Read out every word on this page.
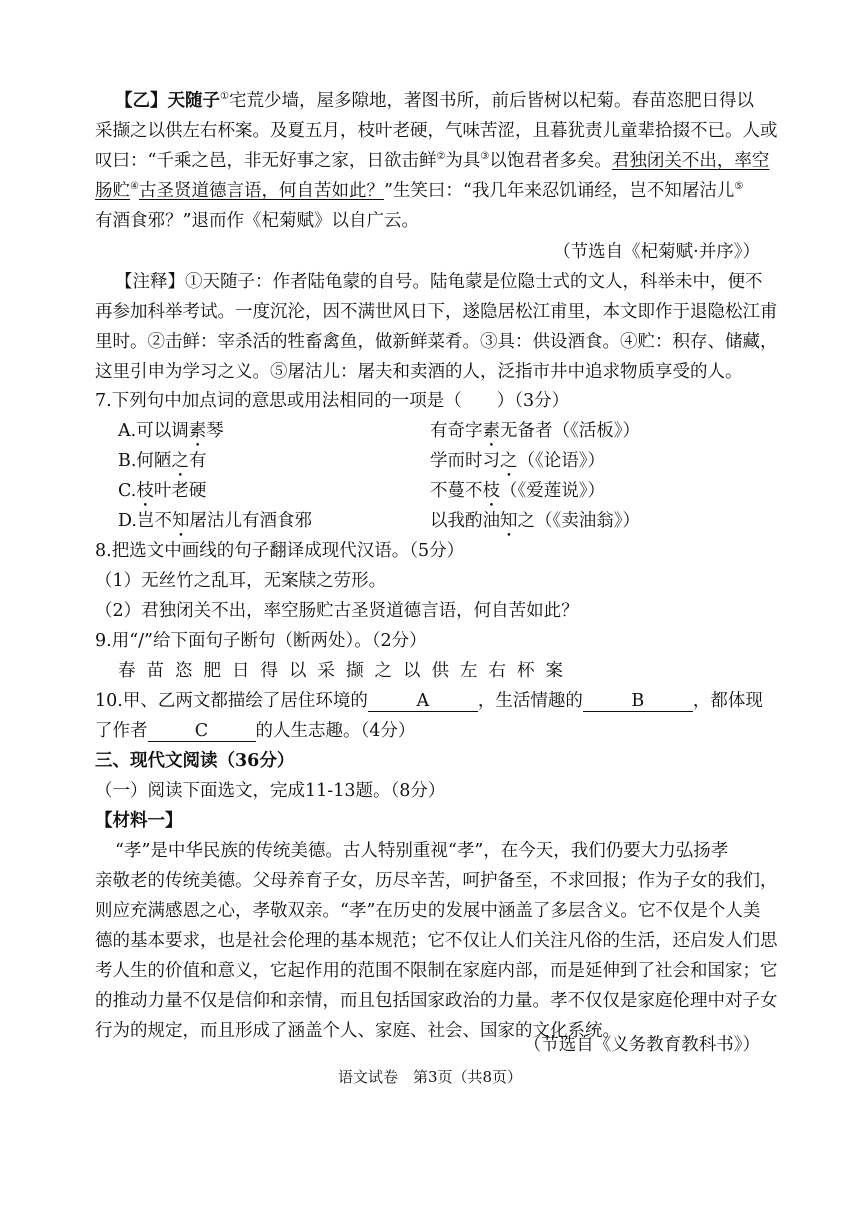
【乙】天随子①宅荒少墙，屋多隙地，著图书所，前后皆树以杞菊。春苗恣肥日得以
采撷之以供左右杯案。及夏五月，枝叶老硬，气味苦涩，且暮犹责儿童辈拾掇不已。人或
叹曰：“千乘之邑，非无好事之家，日欲击鲜②为具③以饱君者多矣。君独闭关不出，率空
肠贮④古圣贤道德言语，何自苦如此？”生笑曰：“我几年来忍饥诵经，岂不知屠沽儿⑤
有酒食邪？”退而作《杞菊赋》以自广云。
（节选自《杞菊赋·并序》）
【注释】①天随子：作者陆龟蒙的自号。陆龟蒙是位隐士式的文人，科举未中，便不
再参加科举考试。一度沉沦，因不满世风日下，遂隐居松江甫里，本文即作于退隐松江甫
里时。②击鲜：宰杀活的牲畜禽鱼，做新鲜菜肴。③具：供设酒食。④贮：积存、储藏，
这里引申为学习之义。⑤屠沽儿：屠夫和卖酒的人，泛指市井中追求物质享受的人。
7.下列句中加点词的意思或用法相同的一项是（　　）（3分）
A.可以调素琴	有奇字素无备者（《活板》）
B.何陋之有	学而时习之（《论语》）
C.枝叶老硬	不蔓不枝（《爱莲说》）
D.岂不知屠沽儿有酒食邪	以我酌油知之（《卖油翁》）
8.把选文中画线的句子翻译成现代汉语。（5分）
（1）无丝竹之乱耳，无案牍之劳形。
（2）君独闭关不出，率空肠贮古圣贤道德言语，何自苦如此？
9.用“/”给下面句子断句（断两处）。（2分）
春苗恣肥日得以采撷之以供左右杯案
10.甲、乙两文都描绘了居住环境的	A	，生活情趣的	B	，都体现
了作者	C	的人生志趣。（4分）
三、现代文阅读（36分）
（一）阅读下面选文，完成11-13题。（8分）
【材料一】
“孝”是中华民族的传统美德。古人特别重视“孝”，在今天，我们仍要大力弘扬孝
亲敬老的传统美德。父母养育子女，历尽辛苦，呵护备至，不求回报；作为子女的我们，
则应充满感恩之心，孝敬双亲。“孝”在历史的发展中涵盖了多层含义。它不仅是个人美
德的基本要求，也是社会伦理的基本规范；它不仅让人们关注凡俗的生活，还启发人们思
考人生的价值和意义，它起作用的范围不限制在家庭内部，而是延伸到了社会和国家；它
的推动力量不仅是信仰和亲情，而且包括国家政治的力量。孝不仅仅是家庭伦理中对子女
行为的规定，而且形成了涵盖个人、家庭、社会、国家的文化系统。
（节选自《义务教育教科书》）
语文试卷　第3页（共8页）
